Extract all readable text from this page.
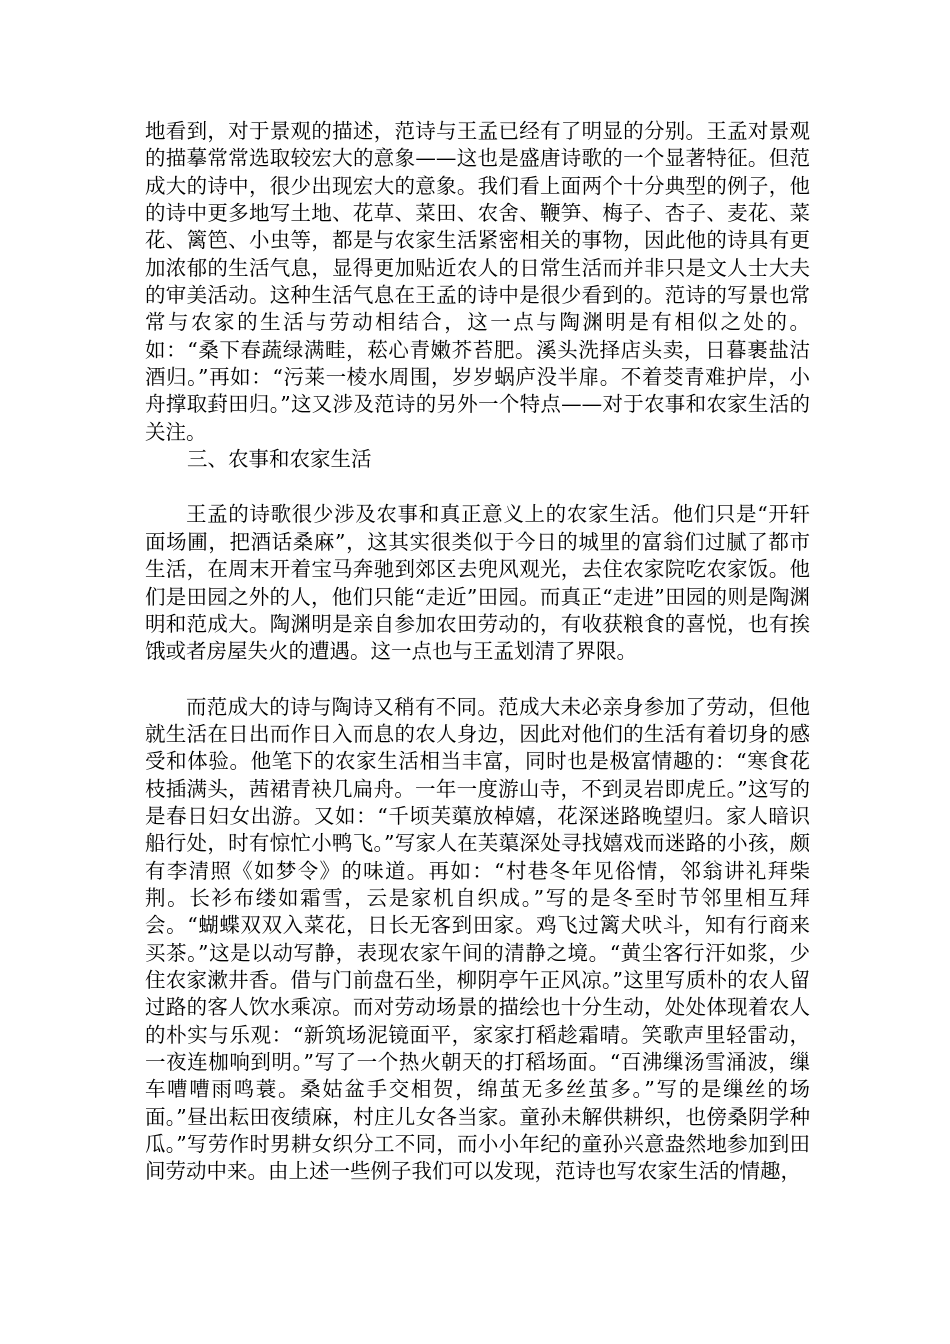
地看到，对于景观的描述，范诗与王孟已经有了明显的分别。王孟对景观的描摹常常选取较宏大的意象——这也是盛唐诗歌的一个显著特征。但范成大的诗中，很少出现宏大的意象。我们看上面两个十分典型的例子，他的诗中更多地写土地、花草、菜田、农舍、鞭笋、梅子、杏子、麦花、菜花、篱笆、小虫等，都是与农家生活紧密相关的事物，因此他的诗具有更加浓郁的生活气息，显得更加贴近农人的日常生活而并非只是文人士大夫的审美活动。这种生活气息在王孟的诗中是很少看到的。范诗的写景也常常与农家的生活与劳动相结合，这一点与陶渊明是有相似之处的。如：“桑下春蔬绿满畦，菘心青嫩芥苔肥。溪头洗择店头卖，日暮裹盐沽酒归。”再如：“污莱一棱水周围，岁岁蜗庐没半扉。不着茭青难护岸，小舟撑取葑田归。”这又涉及范诗的另外一个特点——对于农事和农家生活的关注。

三、农事和农家生活

王孟的诗歌很少涉及农事和真正意义上的农家生活。他们只是“开轩面场圃，把酒话桑麻”，这其实很类似于今日的城里的富翁们过腻了都市生活，在周末开着宝马奔驰到郊区去兜风观光，去住农家院吃农家饭。他们是田园之外的人，他们只能“走近”田园。而真正“走进”田园的则是陶渊明和范成大。陶渊明是亲自参加农田劳动的，有收获粮食的喜悦，也有挨饿或者房屋失火的遭遇。这一点也与王孟划清了界限。

而范成大的诗与陶诗又稍有不同。范成大未必亲身参加了劳动，但他就生活在日出而作日入而息的农人身边，因此对他们的生活有着切身的感受和体验。他笔下的农家生活相当丰富，同时也是极富情趣的：“寒食花枝插满头，茜裙青袂几扁舟。一年一度游山寺，不到灵岩即虎丘。”这写的是春日妇女出游。又如：“千顷芙蕖放棹嬉，花深迷路晚望归。家人暗识船行处，时有惊忙小鸭飞。”写家人在芙蕖深处寻找嬉戏而迷路的小孩，颇有李清照《如梦令》的味道。再如：“村巷冬年见俗情，邻翁讲礼拜柴荆。长衫布缕如霜雪，云是家机自织成。”写的是冬至时节邻里相互拜会。“蝴蝶双双入菜花，日长无客到田家。鸡飞过篱犬吠斗，知有行商来买茶。”这是以动写静，表现农家午间的清静之境。“黄尘客行汗如浆，少住农家漱井香。借与门前盘石坐，柳阴亭午正风凉。”这里写质朴的农人留过路的客人饮水乘凉。而对劳动场景的描绘也十分生动，处处体现着农人的朴实与乐观：“新筑场泥镜面平，家家打稻趁霜晴。笑歌声里轻雷动，一夜连枷响到明。”写了一个热火朝天的打稻场面。“百沸缫汤雪涌波，缫车嘈嘈雨鸣蓑。桑姑盆手交相贺，绵茧无多丝茧多。”写的是缫丝的场面。”昼出耘田夜绩麻，村庄儿女各当家。童孙未解供耕织，也傍桑阴学种瓜。”写劳作时男耕女织分工不同，而小小年纪的童孙兴意盎然地参加到田间劳动中来。由上述一些例子我们可以发现，范诗也写农家生活的情趣，
